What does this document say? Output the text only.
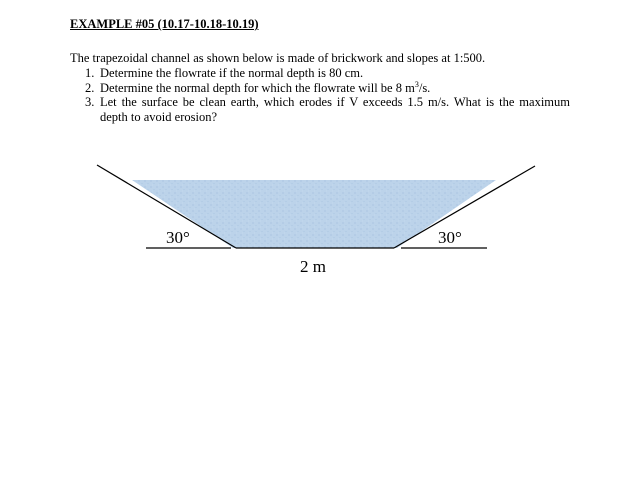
EXAMPLE #05 (10.17-10.18-10.19)
The trapezoidal channel as shown below is made of brickwork and slopes at 1:500.
1. Determine the flowrate if the normal depth is 80 cm.
2. Determine the normal depth for which the flowrate will be 8 $m^3/s$.
3. Let the surface be clean earth, which erodes if V exceeds 1.5 m/s. What is the maximum depth to avoid erosion?
30°	30°
2 m
